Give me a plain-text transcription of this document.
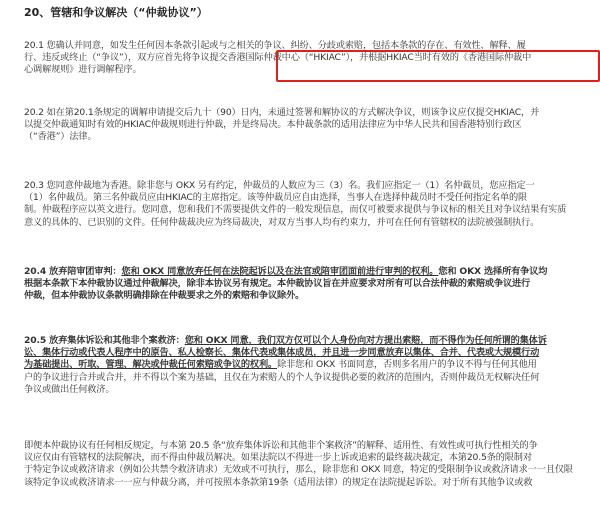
20、管辖和争议解决（“仲裁协议”）

20.1 您确认并同意，如发生任何因本条款引起或与之相关的争议、纠纷、分歧或索赔，包括本条款的存在、有效性、解释、履
行、违反或终止（“争议”），双方应首先将争议提交香港国际仲裁中心（“HKIAC”），并根据HKIAC当时有效的《香港国际仲裁中
心调解规则》进行调解程序。

20.2 如在第20.1条规定的调解申请提交后九十（90）日内，未通过签署和解协议的方式解决争议，则该争议应仅提交HKIAC，并
以提交仲裁通知时有效的HKIAC仲裁规则进行仲裁，并是终局决。本仲裁条款的适用法律应为中华人民共和国香港特别行政区
（“香港”）法律。

20.3 您同意仲裁地为香港。除非您与 OKX 另有约定，仲裁员的人数应为三（3）名。我们应指定一（1）名仲裁员，您应指定一
（1）名仲裁员。第三名仲裁员应由HKIAC的主席指定。该等仲裁员应自由选择，当事人在选择仲裁员时不受任何指定名单的限
制。仲裁程序应以英文进行。您同意，您和我们不需要提供文件的一般发现信息，而仅可被要求提供与争议标的相关且对争议结果有实质
意义的具体的、已识别的文件。任何仲裁裁决应为终局裁决，对双方当事人均有约束力，并可在任何有管辖权的法院被强制执行。

20.4 放弃陪审团审判：您和 OKX 同意放弃任何在法院起诉以及在法官或陪审团面前进行审判的权利。您和 OKX 选择所有争议均
根据本条款下本仲裁协议通过仲裁解决，除非本协议另有规定。本仲裁协议旨在并应要求对所有可以合法仲裁的索赔或争议进行
仲裁，但本仲裁协议条款明确排除在仲裁要求之外的索赔和争议除外。

20.5 放弃集体诉讼和其他非个案救济：您和 OKX 同意，我们双方仅可以个人身份向对方提出索赔，而不得作为任何所谓的集体诉
讼、集体行动或代表人程序中的原告、私人检察长、集体代表或集体成员，并且进一步同意放弃以集体、合并、代表或大规模行动
为基础提出、听取、管理、解决或仲裁任何索赔或争议的权利。除非您和 OKX 书面同意，否则多名用户的争议不得与任何其他用
户的争议进行合并或合并，并不得以个案为基础，且仅在为索赔人的个人争议提供必要的救济的范围内，否则仲裁员无权解决任何
争议或做出任何救济。

即便本仲裁协议有任何相反规定，与本第 20.5 条“放弃集体诉讼和其他非个案救济”的解释、适用性、有效性或可执行性相关的争
议应仅由有管辖权的法院解决，而不得由仲裁员解决。如果法院以不得进一步上诉或追索的最终裁决裁定，本第20.5条的限制对
于特定争议或救济请求（例如公共禁令救济请求）无效或不可执行，那么，除非您和 OKX 同意，特定的受限制争议或救济请求一一且仅限
该特定争议或救济请求一一应与仲裁分离，并可按照本条款第19条（适用法律）的规定在法院提起诉讼。对于所有其他争议或救
